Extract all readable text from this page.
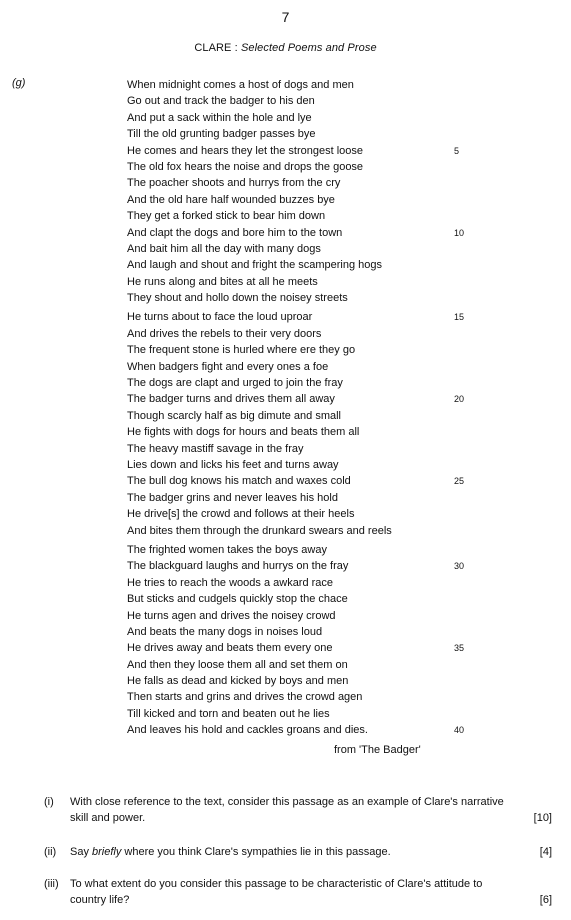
7
CLARE : Selected Poems and Prose
(g)	When midnight comes a host of dogs and men
Go out and track the badger to his den
And put a sack within the hole and lye
Till the old grunting badger passes bye
He comes and hears they let the strongest loose	5
The old fox hears the noise and drops the goose
The poacher shoots and hurrys from the cry
And the old hare half wounded buzzes bye
They get a forked stick to bear him down
And clapt the dogs and bore him to the town	10
And bait him all the day with many dogs
And laugh and shout and fright the scampering hogs
He runs along and bites at all he meets
They shout and hollo down the noisey streets
He turns about to face the loud uproar	15
And drives the rebels to their very doors
The frequent stone is hurled where ere they go
When badgers fight and every ones a foe
The dogs are clapt and urged to join the fray
The badger turns and drives them all away	20
Though scarcly half as big dimute and small
He fights with dogs for hours and beats them all
The heavy mastiff savage in the fray
Lies down and licks his feet and turns away
The bull dog knows his match and waxes cold	25
The badger grins and never leaves his hold
He drive[s] the crowd and follows at their heels
And bites them through the drunkard swears and reels
The frighted women takes the boys away
The blackguard laughs and hurrys on the fray	30
He tries to reach the woods a awkard race
But sticks and cudgels quickly stop the chace
He turns agen and drives the noisey crowd
And beats the many dogs in noises loud
He drives away and beats them every one	35
And then they loose them all and set them on
He falls as dead and kicked by boys and men
Then starts and grins and drives the crowd agen
Till kicked and torn and beaten out he lies
And leaves his hold and cackles groans and dies.	40
from 'The Badger'
(i) With close reference to the text, consider this passage as an example of Clare's narrative skill and power.	[10]
(ii) Say briefly where you think Clare's sympathies lie in this passage.	[4]
(iii) To what extent do you consider this passage to be characteristic of Clare's attitude to country life?	[6]
